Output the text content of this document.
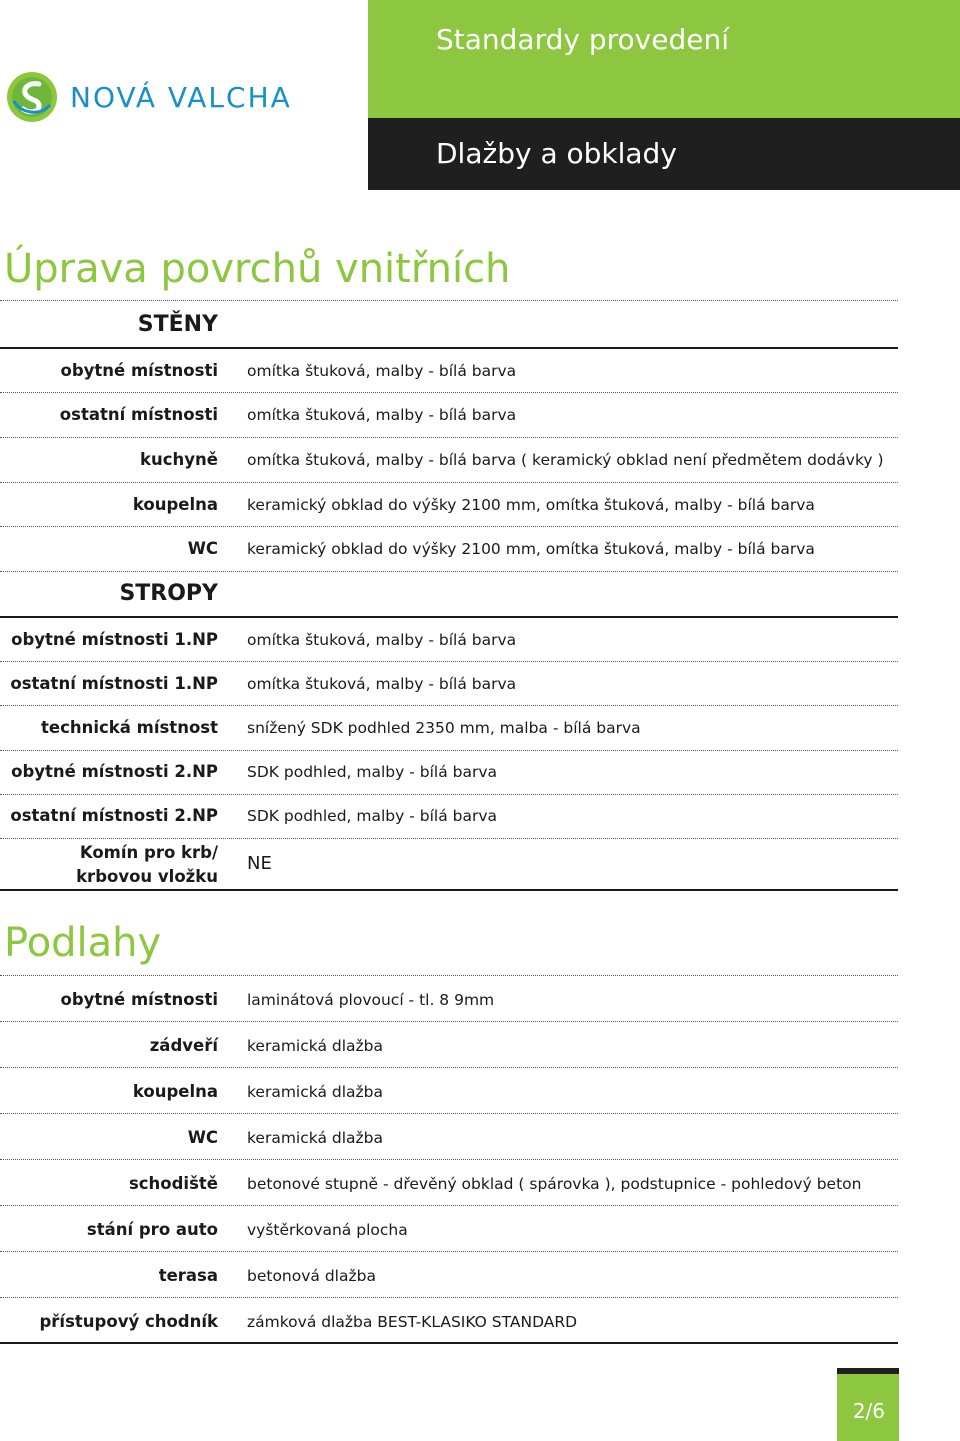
NOVÁ VALCHA
Standardy provedení
Dlažby a obklady
Úprava povrchů vnitřních
STĚNY
obytné místnosti omítka štuková, malby - bílá barva
ostatní místnosti omítka štuková, malby - bílá barva
kuchyně omítka štuková, malby - bílá barva ( keramický obklad není předmětem dodávky )
koupelna keramický obklad do výšky 2100 mm, omítka štuková, malby - bílá barva
WC keramický obklad do výšky 2100 mm, omítka štuková, malby - bílá barva
STROPY
obytné místnosti 1.NP omítka štuková, malby - bílá barva
ostatní místnosti 1.NP omítka štuková, malby - bílá barva
technická místnost snížený SDK podhled 2350 mm, malba - bílá barva
obytné místnosti 2.NP SDK podhled, malby - bílá barva
ostatní místnosti 2.NP SDK podhled, malby - bílá barva
Komín pro krb/
krbovou vložku
NE
Podlahy
obytné místnosti laminátová plovoucí - tl. 8 9mm
zádveří keramická dlažba
koupelna keramická dlažba
WC keramická dlažba
schodiště betonové stupně - dřevěný obklad ( spárovka ), podstupnice - pohledový beton
stání pro auto vyštěrkovaná plocha
terasa betonová dlažba
přístupový chodník zámková dlažba BEST-KLASIKO STANDARD
2/6
